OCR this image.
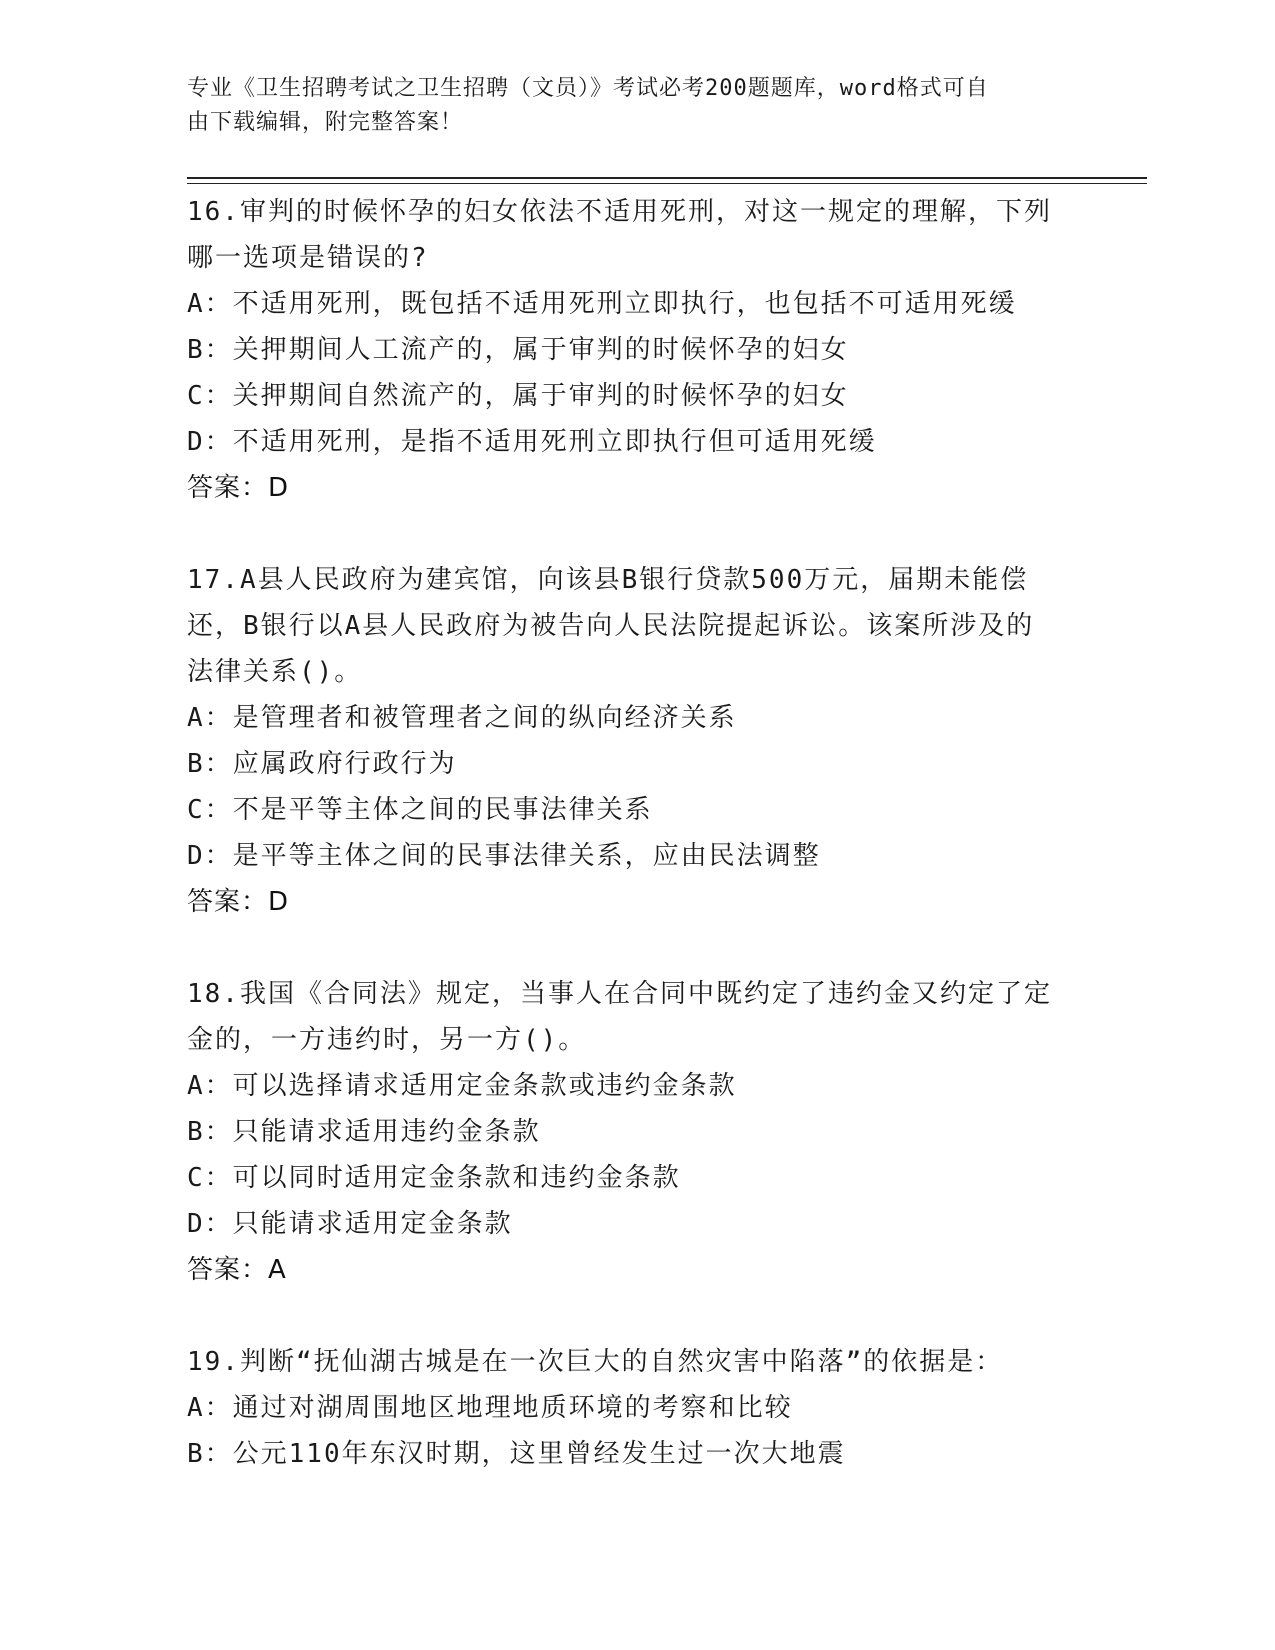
专业《卫生招聘考试之卫生招聘（文员）》考试必考200题题库，word格式可自
由下载编辑，附完整答案！

16.审判的时候怀孕的妇女依法不适用死刑，对这一规定的理解，下列

哪一选项是错误的?

A：不适用死刑，既包括不适用死刑立即执行，也包括不可适用死缓

B：关押期间人工流产的，属于审判的时候怀孕的妇女

C：关押期间自然流产的，属于审判的时候怀孕的妇女

D：不适用死刑，是指不适用死刑立即执行但可适用死缓

答案：D

17.A县人民政府为建宾馆，向该县B银行贷款500万元，届期未能偿

还，B银行以A县人民政府为被告向人民法院提起诉讼。该案所涉及的

法律关系()。

A：是管理者和被管理者之间的纵向经济关系

B：应属政府行政行为

C：不是平等主体之间的民事法律关系

D：是平等主体之间的民事法律关系，应由民法调整

答案：D

18.我国《合同法》规定，当事人在合同中既约定了违约金又约定了定

金的，一方违约时，另一方()。

A：可以选择请求适用定金条款或违约金条款

B：只能请求适用违约金条款

C：可以同时适用定金条款和违约金条款

D：只能请求适用定金条款

答案：A

19.判断“抚仙湖古城是在一次巨大的自然灾害中陷落”的依据是：

A：通过对湖周围地区地理地质环境的考察和比较

B：公元110年东汉时期，这里曾经发生过一次大地震
